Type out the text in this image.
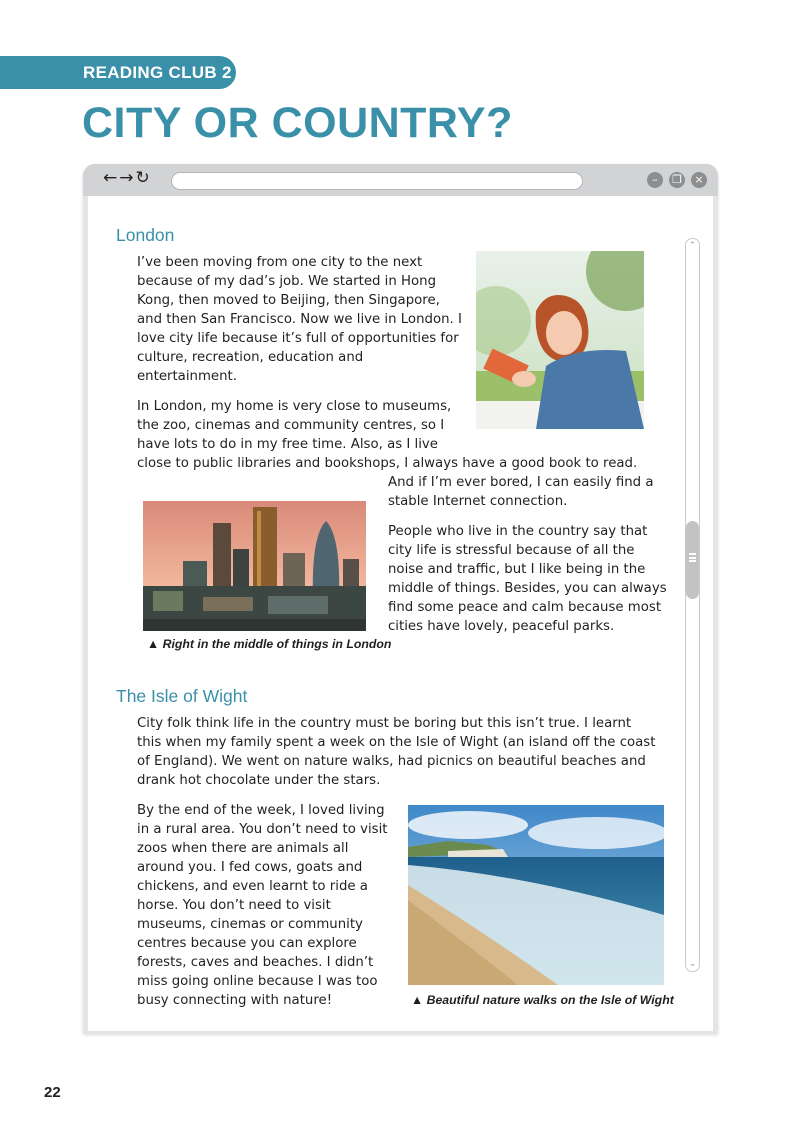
READING CLUB 2
CITY OR COUNTRY?
←→↻	–	❐	×
⌃
⌄
London

I’ve been moving from one city to the next because of my dad’s job. We started in Hong Kong, then moved to Beijing, then Singapore, and then San Francisco. Now we live in London. I love city life because it’s full of opportunities for culture, recreation, education and entertainment.

In London, my home is very close to museums, the zoo, cinemas and community centres, so I have lots to do in my free time. Also, as I live

close to public libraries and bookshops, I always have a good book to read.

And if I’m ever bored, I can easily find a stable Internet connection.

▲ Right in the middle of things in London

People who live in the country say that city life is stressful because of all the noise and traffic, but I like being in the middle of things. Besides, you can always find some peace and calm because most cities have lovely, peaceful parks.

The Isle of Wight

City folk think life in the country must be boring but this isn’t true. I learnt this when my family spent a week on the Isle of Wight (an island off the coast of England). We went on nature walks, had picnics on beautiful beaches and drank hot chocolate under the stars.

By the end of the week, I loved living in a rural area. You don’t need to visit zoos when there are animals all around you. I fed cows, goats and chickens, and even learnt to ride a horse. You don’t need to visit museums, cinemas or community centres because you can explore forests, caves and beaches. I didn’t miss going online because I was too busy connecting with nature!	▲ Beautiful nature walks on the Isle of Wight
22
